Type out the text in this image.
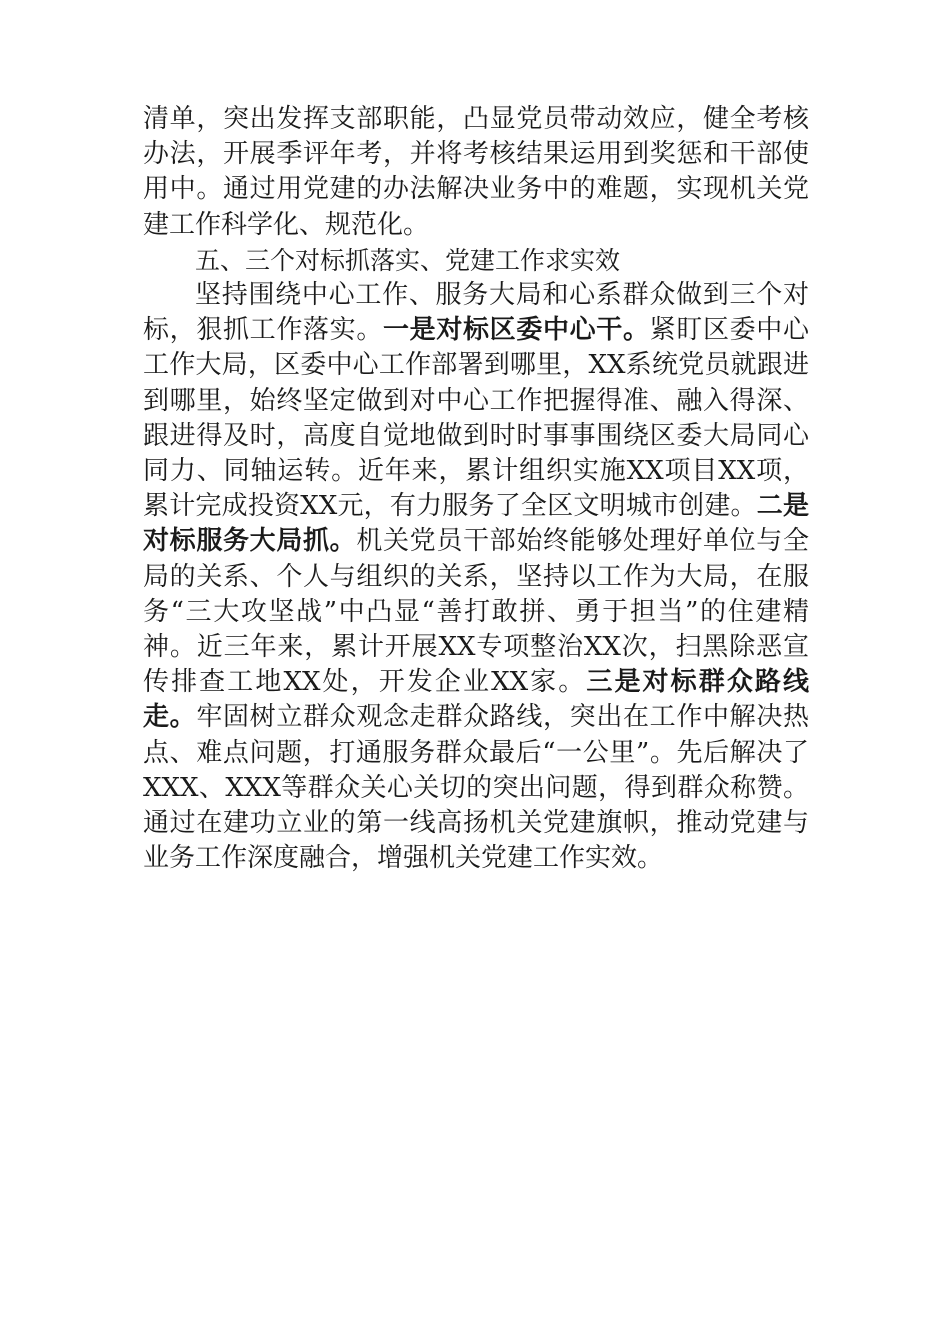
清单，突出发挥支部职能，凸显党员带动效应，健全考核办法，开展季评年考，并将考核结果运用到奖惩和干部使用中。通过用党建的办法解决业务中的难题，实现机关党建工作科学化、规范化。

五、三个对标抓落实、党建工作求实效

坚持围绕中心工作、服务大局和心系群众做到三个对标，狠抓工作落实。一是对标区委中心干。紧盯区委中心工作大局，区委中心工作部署到哪里，XX系统党员就跟进到哪里，始终坚定做到对中心工作把握得准、融入得深、跟进得及时，高度自觉地做到时时事事围绕区委大局同心同力、同轴运转。近年来，累计组织实施XX项目XX项，累计完成投资XX元，有力服务了全区文明城市创建。二是对标服务大局抓。机关党员干部始终能够处理好单位与全局的关系、个人与组织的关系，坚持以工作为大局，在服务“三大攻坚战”中凸显“善打敢拼、勇于担当”的住建精神。近三年来，累计开展XX专项整治XX次，扫黑除恶宣传排查工地XX处，开发企业XX家。三是对标群众路线走。牢固树立群众观念走群众路线，突出在工作中解决热点、难点问题，打通服务群众最后“一公里”。先后解决了XXX、XXX等群众关心关切的突出问题，得到群众称赞。通过在建功立业的第一线高扬机关党建旗帜，推动党建与业务工作深度融合，增强机关党建工作实效。
